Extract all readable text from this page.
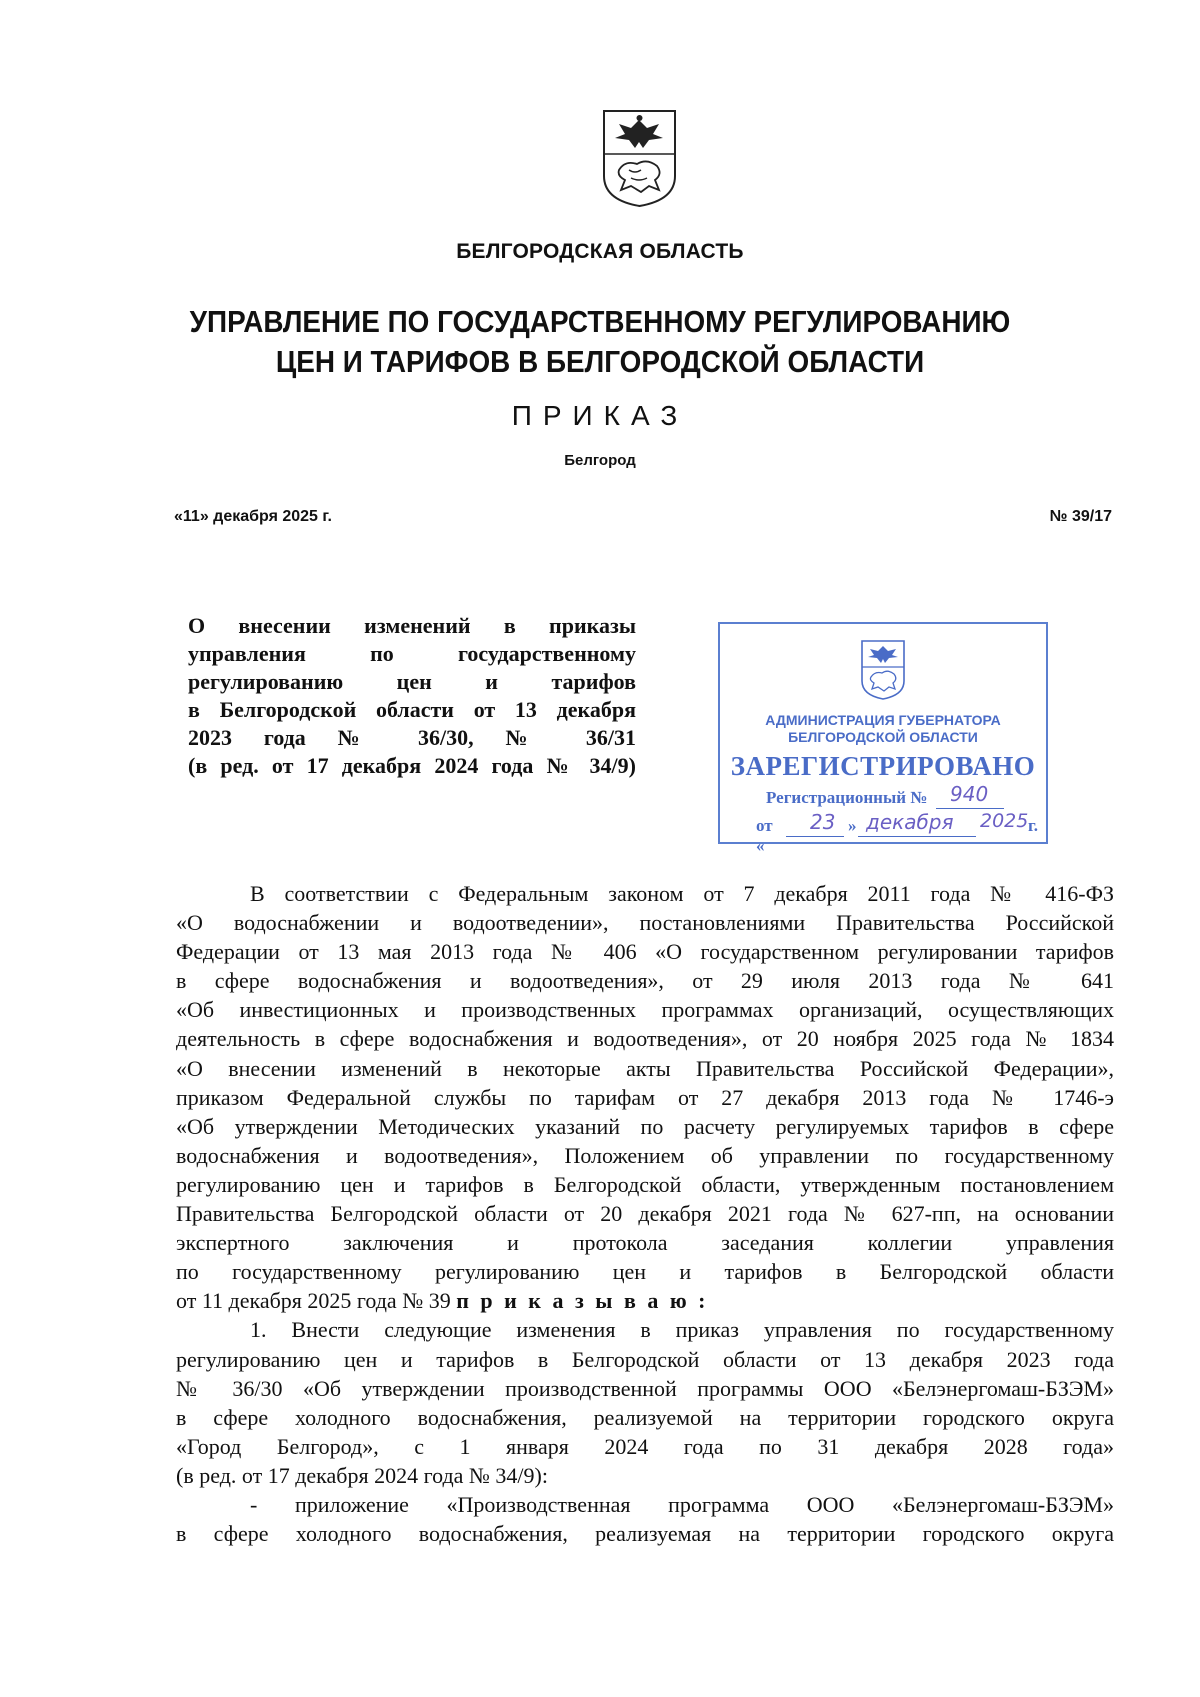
БЕЛГОРОДСКАЯ ОБЛАСТЬ
УПРАВЛЕНИЕ ПО ГОСУДАРСТВЕННОМУ РЕГУЛИРОВАНИЮ
ЦЕН И ТАРИФОВ В БЕЛГОРОДСКОЙ ОБЛАСТИ
ПРИКАЗ
Белгород
«11» декабря 2025 г.	№ 39/17
О внесении изменений в приказы
управления по государственному
регулированию цен и тарифов
в Белгородской области от 13 декабря
2023 года № 36/30, № 36/31
(в ред. от 17 декабря 2024 года № 34/9)
АДМИНИСТРАЦИЯ ГУБЕРНАТОРА
БЕЛГОРОДСКОЙ ОБЛАСТИ
ЗАРЕГИСТРИРОВАНО
Регистрационный № 940
от «
23 » декабря 2025 г.

В соответствии с Федеральным законом от 7 декабря 2011 года № 416-ФЗ
«О водоснабжении и водоотведении», постановлениями Правительства Российской
Федерации от 13 мая 2013 года № 406 «О государственном регулировании тарифов
в сфере водоснабжения и водоотведения», от 29 июля 2013 года № 641
«Об инвестиционных и производственных программах организаций, осуществляющих
деятельность в сфере водоснабжения и водоотведения», от 20 ноября 2025 года № 1834
«О внесении изменений в некоторые акты Правительства Российской Федерации»,
приказом Федеральной службы по тарифам от 27 декабря 2013 года № 1746-э
«Об утверждении Методических указаний по расчету регулируемых тарифов в сфере
водоснабжения и водоотведения», Положением об управлении по государственному
регулированию цен и тарифов в Белгородской области, утвержденным постановлением
Правительства Белгородской области от 20 декабря 2021 года № 627-пп, на основании
экспертного заключения и протокола заседания коллегии управления
по государственному регулированию цен и тарифов в Белгородской области
от 11 декабря 2025 года № 39 п р и к а з ы в а ю :

1. Внести следующие изменения в приказ управления по государственному
регулированию цен и тарифов в Белгородской области от 13 декабря 2023 года
№ 36/30 «Об утверждении производственной программы ООО «Белэнергомаш-БЗЭМ»
в сфере холодного водоснабжения, реализуемой на территории городского округа
«Город Белгород», с 1 января 2024 года по 31 декабря 2028 года»
(в ред. от 17 декабря 2024 года № 34/9):

- приложение «Производственная программа ООО «Белэнергомаш-БЗЭМ»
в сфере холодного водоснабжения, реализуемая на территории городского округа
